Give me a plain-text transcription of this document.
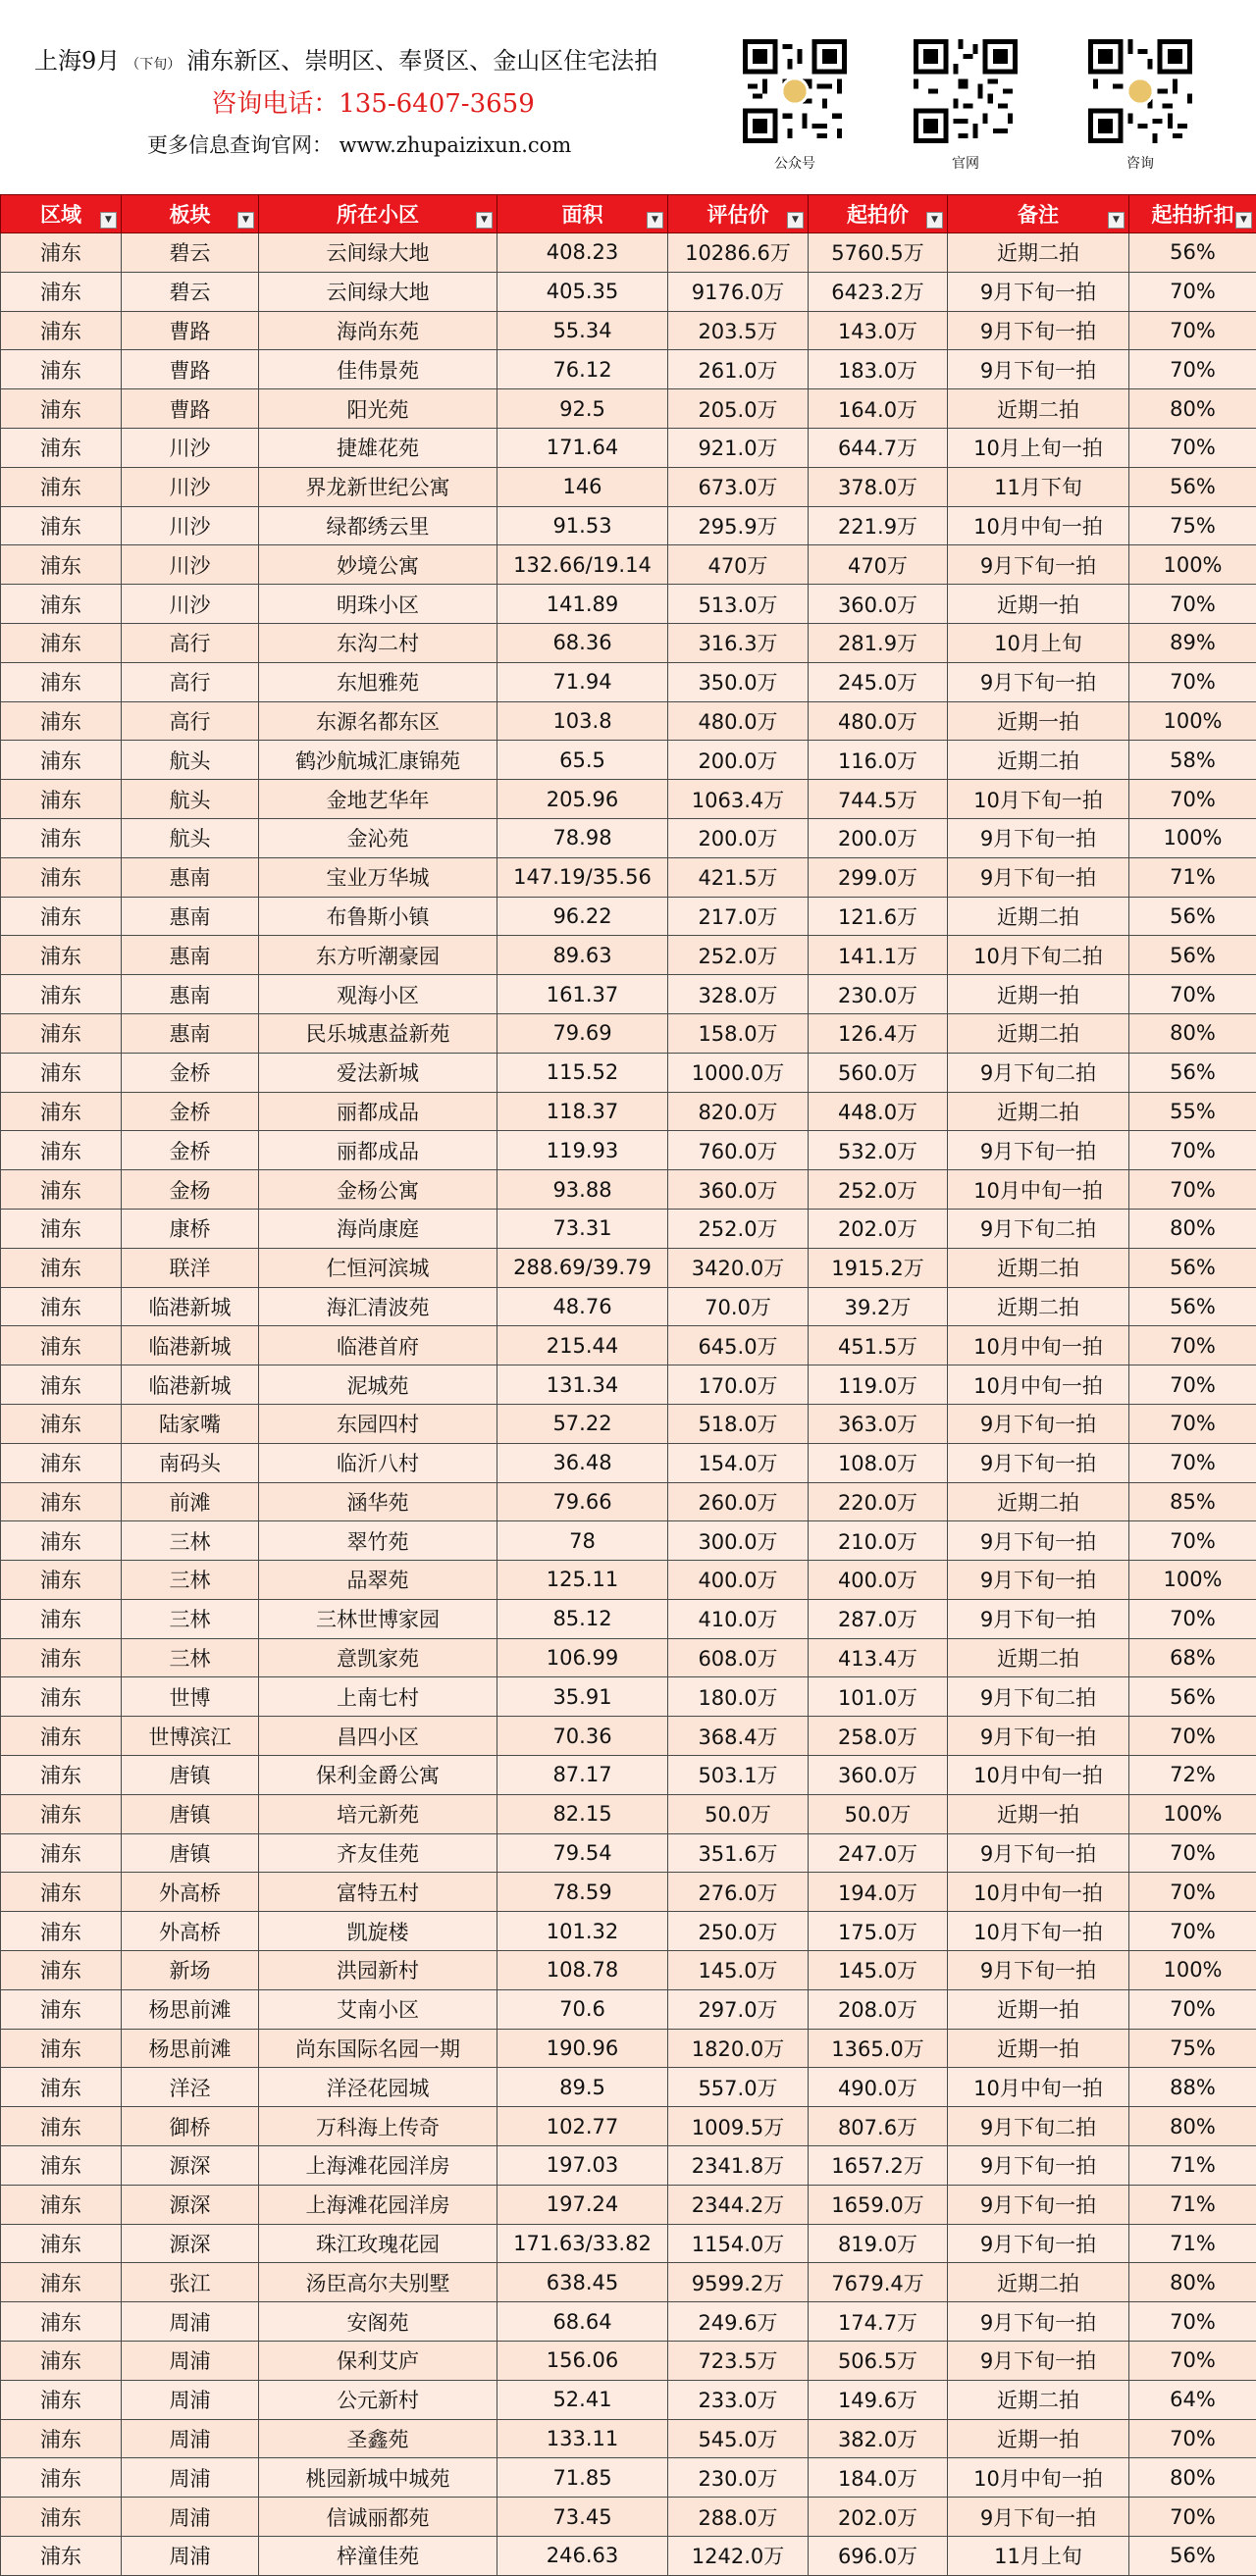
上海9月 （下旬） 浦东新区、崇明区、奉贤区、金山区住宅法拍
咨询电话：135-6407-3659
更多信息查询官网： www.zhupaizixun.com
公众号	官网	咨询
区域 ▼	板块 ▼	所在小区 ▼	面积 ▼	评估价 ▼	起拍价 ▼	备注 ▼	起拍折扣 ▼

浦东	碧云	云间绿大地	408.23	10286.6万	5760.5万	近期二拍	56%
浦东	碧云	云间绿大地	405.35	9176.0万	6423.2万	9月下旬一拍	70%
浦东	曹路	海尚东苑	55.34	203.5万	143.0万	9月下旬一拍	70%
浦东	曹路	佳伟景苑	76.12	261.0万	183.0万	9月下旬一拍	70%
浦东	曹路	阳光苑	92.5	205.0万	164.0万	近期二拍	80%
浦东	川沙	捷雄花苑	171.64	921.0万	644.7万	10月上旬一拍	70%
浦东	川沙	界龙新世纪公寓	146	673.0万	378.0万	11月下旬	56%
浦东	川沙	绿都绣云里	91.53	295.9万	221.9万	10月中旬一拍	75%
浦东	川沙	妙境公寓	132.66/19.14	470万	470万	9月下旬一拍	100%
浦东	川沙	明珠小区	141.89	513.0万	360.0万	近期一拍	70%
浦东	高行	东沟二村	68.36	316.3万	281.9万	10月上旬	89%
浦东	高行	东旭雅苑	71.94	350.0万	245.0万	9月下旬一拍	70%
浦东	高行	东源名都东区	103.8	480.0万	480.0万	近期一拍	100%
浦东	航头	鹤沙航城汇康锦苑	65.5	200.0万	116.0万	近期二拍	58%
浦东	航头	金地艺华年	205.96	1063.4万	744.5万	10月下旬一拍	70%
浦东	航头	金沁苑	78.98	200.0万	200.0万	9月下旬一拍	100%
浦东	惠南	宝业万华城	147.19/35.56	421.5万	299.0万	9月下旬一拍	71%
浦东	惠南	布鲁斯小镇	96.22	217.0万	121.6万	近期二拍	56%
浦东	惠南	东方听潮豪园	89.63	252.0万	141.1万	10月下旬二拍	56%
浦东	惠南	观海小区	161.37	328.0万	230.0万	近期一拍	70%
浦东	惠南	民乐城惠益新苑	79.69	158.0万	126.4万	近期二拍	80%
浦东	金桥	爱法新城	115.52	1000.0万	560.0万	9月下旬二拍	56%
浦东	金桥	丽都成品	118.37	820.0万	448.0万	近期二拍	55%
浦东	金桥	丽都成品	119.93	760.0万	532.0万	9月下旬一拍	70%
浦东	金杨	金杨公寓	93.88	360.0万	252.0万	10月中旬一拍	70%
浦东	康桥	海尚康庭	73.31	252.0万	202.0万	9月下旬二拍	80%
浦东	联洋	仁恒河滨城	288.69/39.79	3420.0万	1915.2万	近期二拍	56%
浦东	临港新城	海汇清波苑	48.76	70.0万	39.2万	近期二拍	56%
浦东	临港新城	临港首府	215.44	645.0万	451.5万	10月中旬一拍	70%
浦东	临港新城	泥城苑	131.34	170.0万	119.0万	10月中旬一拍	70%
浦东	陆家嘴	东园四村	57.22	518.0万	363.0万	9月下旬一拍	70%
浦东	南码头	临沂八村	36.48	154.0万	108.0万	9月下旬一拍	70%
浦东	前滩	涵华苑	79.66	260.0万	220.0万	近期二拍	85%
浦东	三林	翠竹苑	78	300.0万	210.0万	9月下旬一拍	70%
浦东	三林	品翠苑	125.11	400.0万	400.0万	9月下旬一拍	100%
浦东	三林	三林世博家园	85.12	410.0万	287.0万	9月下旬一拍	70%
浦东	三林	意凯家苑	106.99	608.0万	413.4万	近期二拍	68%
浦东	世博	上南七村	35.91	180.0万	101.0万	9月下旬二拍	56%
浦东	世博滨江	昌四小区	70.36	368.4万	258.0万	9月下旬一拍	70%
浦东	唐镇	保利金爵公寓	87.17	503.1万	360.0万	10月中旬一拍	72%
浦东	唐镇	培元新苑	82.15	50.0万	50.0万	近期一拍	100%
浦东	唐镇	齐友佳苑	79.54	351.6万	247.0万	9月下旬一拍	70%
浦东	外高桥	富特五村	78.59	276.0万	194.0万	10月中旬一拍	70%
浦东	外高桥	凯旋楼	101.32	250.0万	175.0万	10月下旬一拍	70%
浦东	新场	洪园新村	108.78	145.0万	145.0万	9月下旬一拍	100%
浦东	杨思前滩	艾南小区	70.6	297.0万	208.0万	近期一拍	70%
浦东	杨思前滩	尚东国际名园一期	190.96	1820.0万	1365.0万	近期一拍	75%
浦东	洋泾	洋泾花园城	89.5	557.0万	490.0万	10月中旬一拍	88%
浦东	御桥	万科海上传奇	102.77	1009.5万	807.6万	9月下旬二拍	80%
浦东	源深	上海滩花园洋房	197.03	2341.8万	1657.2万	9月下旬一拍	71%
浦东	源深	上海滩花园洋房	197.24	2344.2万	1659.0万	9月下旬一拍	71%
浦东	源深	珠江玫瑰花园	171.63/33.82	1154.0万	819.0万	9月下旬一拍	71%
浦东	张江	汤臣高尔夫别墅	638.45	9599.2万	7679.4万	近期二拍	80%
浦东	周浦	安阁苑	68.64	249.6万	174.7万	9月下旬一拍	70%
浦东	周浦	保利艾庐	156.06	723.5万	506.5万	9月下旬一拍	70%
浦东	周浦	公元新村	52.41	233.0万	149.6万	近期二拍	64%
浦东	周浦	圣鑫苑	133.11	545.0万	382.0万	近期一拍	70%
浦东	周浦	桃园新城中城苑	71.85	230.0万	184.0万	10月中旬一拍	80%
浦东	周浦	信诚丽都苑	73.45	288.0万	202.0万	9月下旬一拍	70%
浦东	周浦	梓潼佳苑	246.63	1242.0万	696.0万	11月上旬	56%
